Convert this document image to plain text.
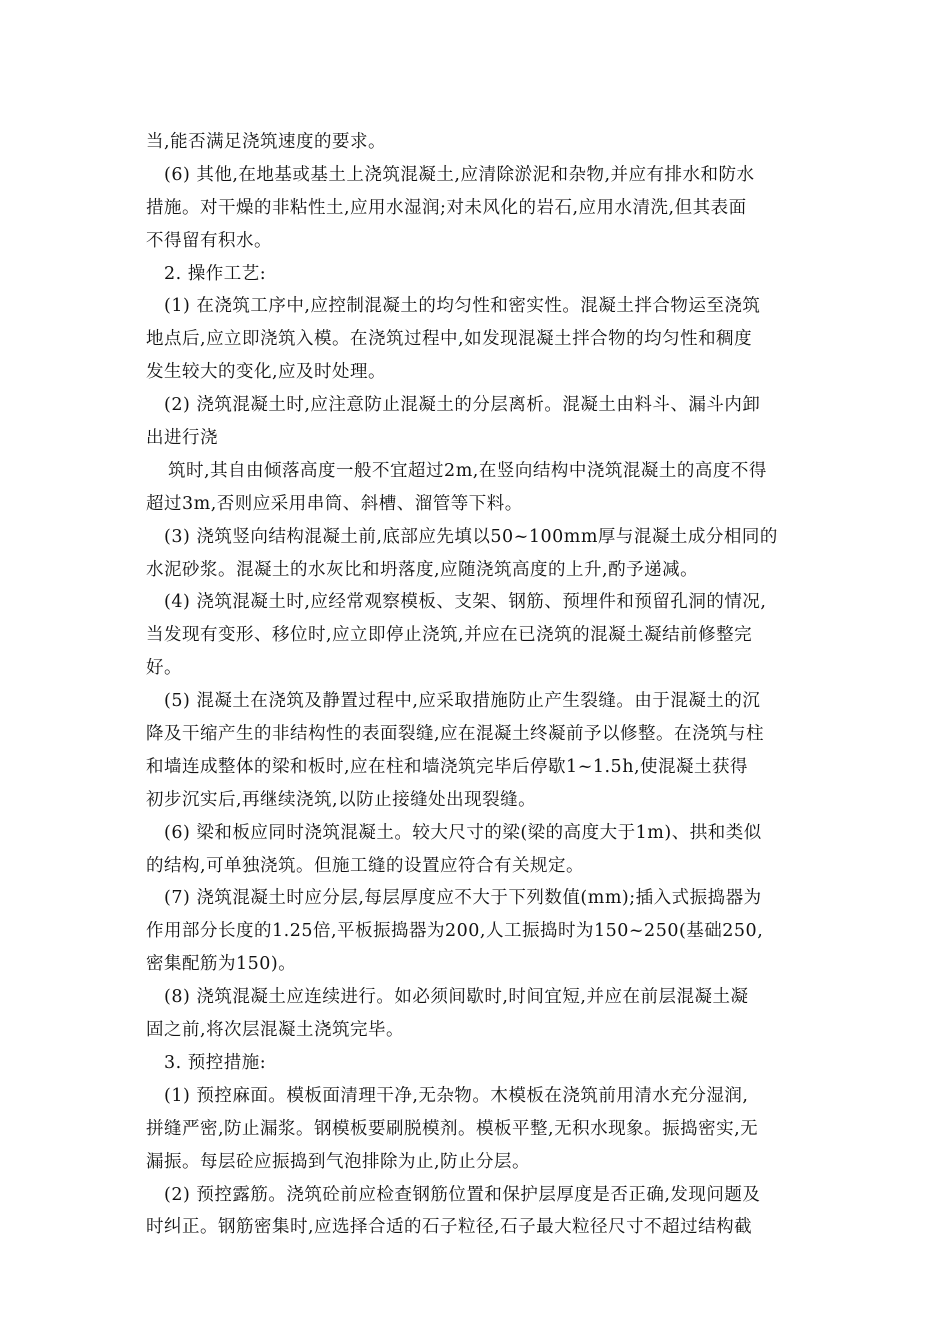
当,能否满足浇筑速度的要求。
(6) 其他,在地基或基土上浇筑混凝土,应清除淤泥和杂物,并应有排水和防水
措施。对干燥的非粘性土,应用水湿润;对未风化的岩石,应用水清洗,但其表面
不得留有积水。
2. 操作工艺:
(1) 在浇筑工序中,应控制混凝土的均匀性和密实性。混凝土拌合物运至浇筑
地点后,应立即浇筑入模。在浇筑过程中,如发现混凝土拌合物的均匀性和稠度
发生较大的变化,应及时处理。
(2) 浇筑混凝土时,应注意防止混凝土的分层离析。混凝土由料斗、漏斗内卸
出进行浇
筑时,其自由倾落高度一般不宜超过2m,在竖向结构中浇筑混凝土的高度不得
超过3m,否则应采用串筒、斜槽、溜管等下料。
(3) 浇筑竖向结构混凝土前,底部应先填以50~100mm厚与混凝土成分相同的
水泥砂浆。混凝土的水灰比和坍落度,应随浇筑高度的上升,酌予递减。
(4) 浇筑混凝土时,应经常观察模板、支架、钢筋、预埋件和预留孔洞的情况,
当发现有变形、移位时,应立即停止浇筑,并应在已浇筑的混凝土凝结前修整完
好。
(5) 混凝土在浇筑及静置过程中,应采取措施防止产生裂缝。由于混凝土的沉
降及干缩产生的非结构性的表面裂缝,应在混凝土终凝前予以修整。在浇筑与柱
和墙连成整体的梁和板时,应在柱和墙浇筑完毕后停歇1~1.5h,使混凝土获得
初步沉实后,再继续浇筑,以防止接缝处出现裂缝。
(6) 梁和板应同时浇筑混凝土。较大尺寸的梁(梁的高度大于1m)、拱和类似
的结构,可单独浇筑。但施工缝的设置应符合有关规定。
(7) 浇筑混凝土时应分层,每层厚度应不大于下列数值(mm);插入式振捣器为
作用部分长度的1.25倍,平板振捣器为200,人工振捣时为150~250(基础250,
密集配筋为150)。
(8) 浇筑混凝土应连续进行。如必须间歇时,时间宜短,并应在前层混凝土凝
固之前,将次层混凝土浇筑完毕。
3. 预控措施:
(1) 预控麻面。模板面清理干净,无杂物。木模板在浇筑前用清水充分湿润,
拼缝严密,防止漏浆。钢模板要刷脱模剂。模板平整,无积水现象。振捣密实,无
漏振。每层砼应振捣到气泡排除为止,防止分层。
(2) 预控露筋。浇筑砼前应检查钢筋位置和保护层厚度是否正确,发现问题及
时纠正。钢筋密集时,应选择合适的石子粒径,石子最大粒径尺寸不超过结构截
